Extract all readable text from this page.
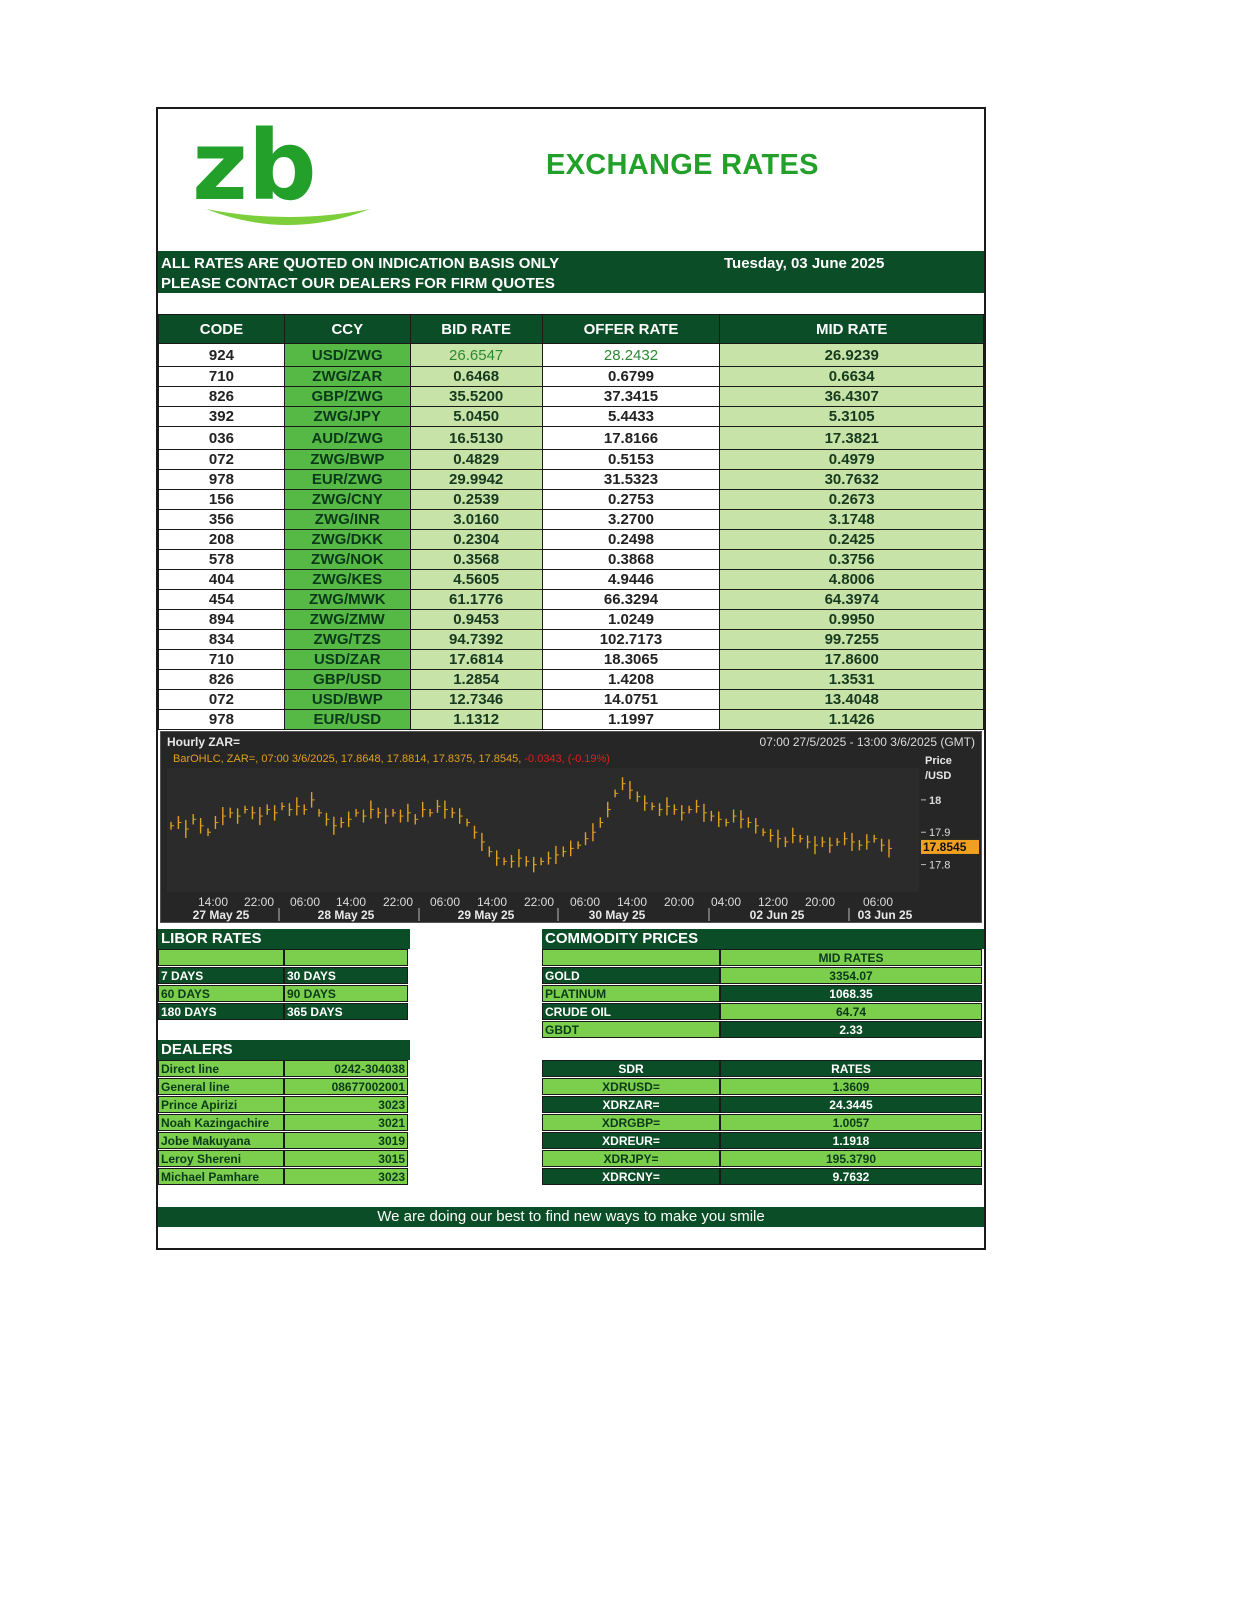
zb	EXCHANGE RATES
ALL RATES ARE QUOTED ON INDICATION BASIS ONLY
PLEASE CONTACT OUR DEALERS FOR FIRM QUOTES
Tuesday, 03 June 2025
CODE	CCY	BID RATE	OFFER RATE	MID RATE
924	USD/ZWG	26.6547	28.2432	26.9239
710	ZWG/ZAR	0.6468	0.6799	0.6634
826	GBP/ZWG	35.5200	37.3415	36.4307
392	ZWG/JPY	5.0450	5.4433	5.3105
036	AUD/ZWG	16.5130	17.8166	17.3821
072	ZWG/BWP	0.4829	0.5153	0.4979
978	EUR/ZWG	29.9942	31.5323	30.7632
156	ZWG/CNY	0.2539	0.2753	0.2673
356	ZWG/INR	3.0160	3.2700	3.1748
208	ZWG/DKK	0.2304	0.2498	0.2425
578	ZWG/NOK	0.3568	0.3868	0.3756
404	ZWG/KES	4.5605	4.9446	4.8006
454	ZWG/MWK	61.1776	66.3294	64.3974
894	ZWG/ZMW	0.9453	1.0249	0.9950
834	ZWG/TZS	94.7392	102.7173	99.7255
710	USD/ZAR	17.6814	18.3065	17.8600
826	GBP/USD	1.2854	1.4208	1.3531
072	USD/BWP	12.7346	14.0751	13.4048
978	EUR/USD	1.1312	1.1997	1.1426
Hourly ZAR=	07:00 27/5/2025 - 13:00 3/6/2025 (GMT)
BarOHLC, ZAR=, 07:00 3/6/2025, 17.8648, 17.8814, 17.8375, 17.8545, -0.0343, (-0.19%)	Price
/USD
18
17.9
17.8
17.8545
14:00 22:00 06:00 14:00 22:00 06:00 14:00 22:00 06:00 14:00 20:00 04:00 12:00 20:00 06:00
27 May 25	28 May 25	29 May 25	30 May 25	02 Jun 25	03 Jun 25
LIBOR RATES
7 DAYS	30 DAYS
60 DAYS	90 DAYS
180 DAYS	365 DAYS
COMMODITY PRICES
MID RATES
GOLD	3354.07
PLATINUM	1068.35
CRUDE OIL	64.74
GBDT	2.33
DEALERS
Direct line	0242-304038
General line	08677002001
Prince Apirizi	3023
Noah Kazingachire	3021
Jobe Makuyana	3019
Leroy Shereni	3015
Michael Pamhare	3023
SDR	RATES
XDRUSD=	1.3609
XDRZAR=	24.3445
XDRGBP=	1.0057
XDREUR=	1.1918
XDRJPY=	195.3790
XDRCNY=	9.7632
We are doing our best to find new ways to make you smile
